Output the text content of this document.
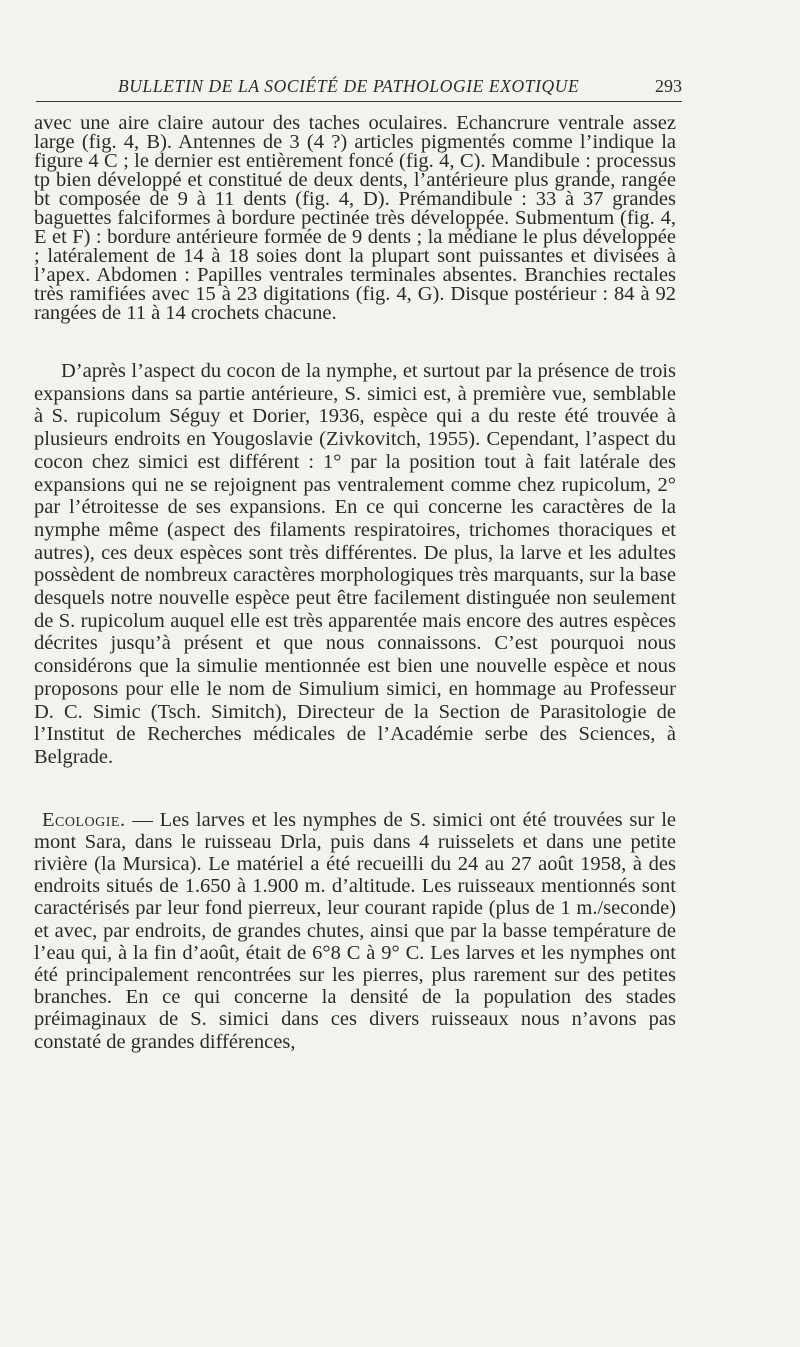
BULLETIN DE LA SOCIÉTÉ DE PATHOLOGIE EXOTIQUE	293

avec une aire claire autour des taches oculaires. Echancrure ventrale assez large (fig. 4, B). Antennes de 3 (4 ?) articles pigmentés comme l’indique la figure 4 C ; le dernier est entièrement foncé (fig. 4, C). Mandibule : processus tp bien développé et constitué de deux dents, l’antérieure plus grande, rangée bt composée de 9 à 11 dents (fig. 4, D). Prémandibule : 33 à 37 grandes baguettes falciformes à bordure pectinée très développée. Submentum (fig. 4, E et F) : bordure antérieure formée de 9 dents ; la médiane le plus développée ; latéralement de 14 à 18 soies dont la plupart sont puissantes et divisées à l’apex. Abdomen : Papilles ventrales terminales absentes. Branchies rectales très ramifiées avec 15 à 23 digitations (fig. 4, G). Disque postérieur : 84 à 92 rangées de 11 à 14 crochets chacune.

D’après l’aspect du cocon de la nymphe, et surtout par la présence de trois expansions dans sa partie antérieure, S. simici est, à première vue, semblable à S. rupicolum Séguy et Dorier, 1936, espèce qui a du reste été trouvée à plusieurs endroits en Yougoslavie (Zivkovitch, 1955). Cependant, l’aspect du cocon chez simici est différent : 1° par la position tout à fait latérale des expansions qui ne se rejoignent pas ventralement comme chez rupicolum, 2° par l’étroitesse de ses expansions. En ce qui concerne les caractères de la nymphe même (aspect des filaments respiratoires, trichomes thoraciques et autres), ces deux espèces sont très différentes. De plus, la larve et les adultes possèdent de nombreux caractères morphologiques très marquants, sur la base desquels notre nouvelle espèce peut être facilement distinguée non seulement de S. rupicolum auquel elle est très apparentée mais encore des autres espèces décrites jusqu’à présent et que nous connaissons. C’est pourquoi nous considérons que la simulie mentionnée est bien une nouvelle espèce et nous proposons pour elle le nom de Simulium simici, en hommage au Professeur D. C. Simic (Tsch. Simitch), Directeur de la Section de Parasitologie de l’Institut de Recherches médicales de l’Académie serbe des Sciences, à Belgrade.

Ecologie. — Les larves et les nymphes de S. simici ont été trouvées sur le mont Sara, dans le ruisseau Drla, puis dans 4 ruisselets et dans une petite rivière (la Mursica). Le matériel a été recueilli du 24 au 27 août 1958, à des endroits situés de 1.650 à 1.900 m. d’altitude. Les ruisseaux mentionnés sont caractérisés par leur fond pierreux, leur courant rapide (plus de 1 m./seconde) et avec, par endroits, de grandes chutes, ainsi que par la basse température de l’eau qui, à la fin d’août, était de 6°8 C à 9° C. Les larves et les nymphes ont été principalement rencontrées sur les pierres, plus rarement sur des petites branches. En ce qui concerne la densité de la population des stades préimaginaux de S. simici dans ces divers ruisseaux nous n’avons pas constaté de grandes différences,
